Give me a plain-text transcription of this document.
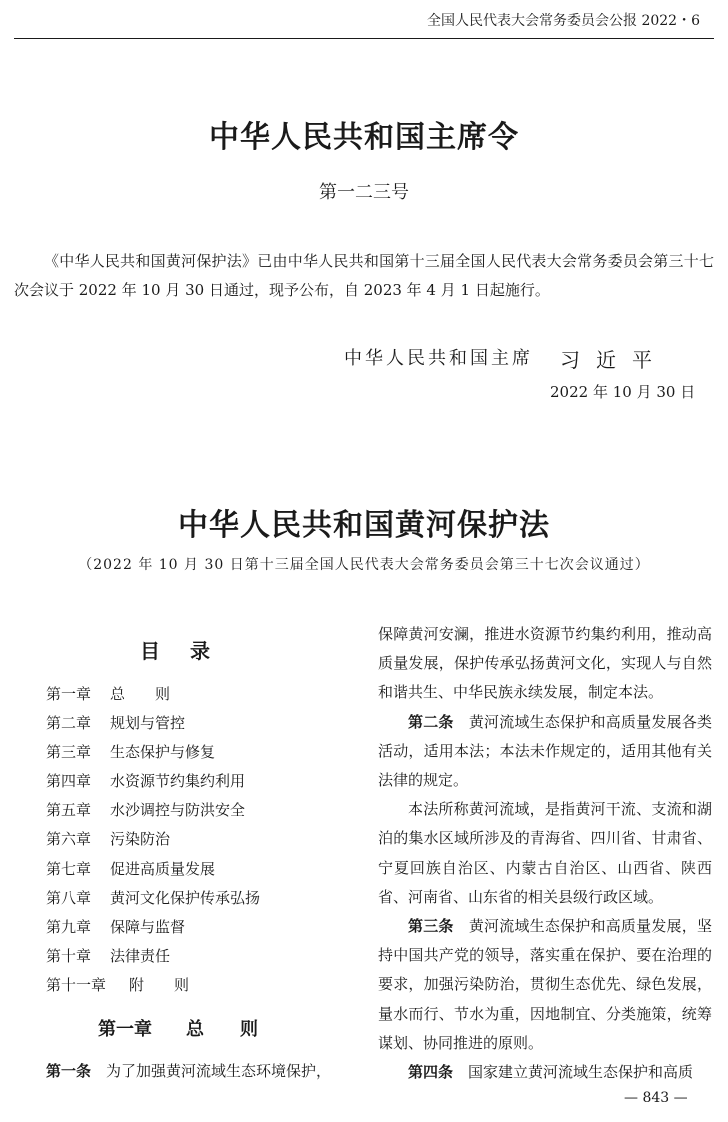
全国人民代表大会常务委员会公报 2022・6
中华人民共和国主席令
第一二三号
《中华人民共和国黄河保护法》已由中华人民共和国第十三届全国人民代表大会常务委员会第三十七次会议于 2022 年 10 月 30 日通过，现予公布，自 2023 年 4 月 1 日起施行。
中华人民共和国主席 习近平
2022 年 10 月 30 日
中华人民共和国黄河保护法
（2022 年 10 月 30 日第十三届全国人民代表大会常务委员会第三十七次会议通过）
目录
第一章 总　　则
第二章 规划与管控
第三章 生态保护与修复
第四章 水资源节约集约利用
第五章 水沙调控与防洪安全
第六章 污染防治
第七章 促进高质量发展
第八章 黄河文化保护传承弘扬
第九章 保障与监督
第十章 法律责任
第十一章 附　　则
第一章 总　　则
第一条　 为了加强黄河流域生态环境保护，

保障黄河安澜，推进水资源节约集约利用，推动高质量发展，保护传承弘扬黄河文化，实现人与自然和谐共生、中华民族永续发展，制定本法。

第二条　 黄河流域生态保护和高质量发展各类活动，适用本法；本法未作规定的，适用其他有关法律的规定。

本法所称黄河流域，是指黄河干流、支流和湖泊的集水区域所涉及的青海省、四川省、甘肃省、宁夏回族自治区、内蒙古自治区、山西省、陕西省、河南省、山东省的相关县级行政区域。

第三条　 黄河流域生态保护和高质量发展，坚持中国共产党的领导，落实重在保护、要在治理的要求，加强污染防治，贯彻生态优先、绿色发展，量水而行、节水为重，因地制宜、分类施策，统筹谋划、协同推进的原则。

第四条　 国家建立黄河流域生态保护和高质

— 843 —
